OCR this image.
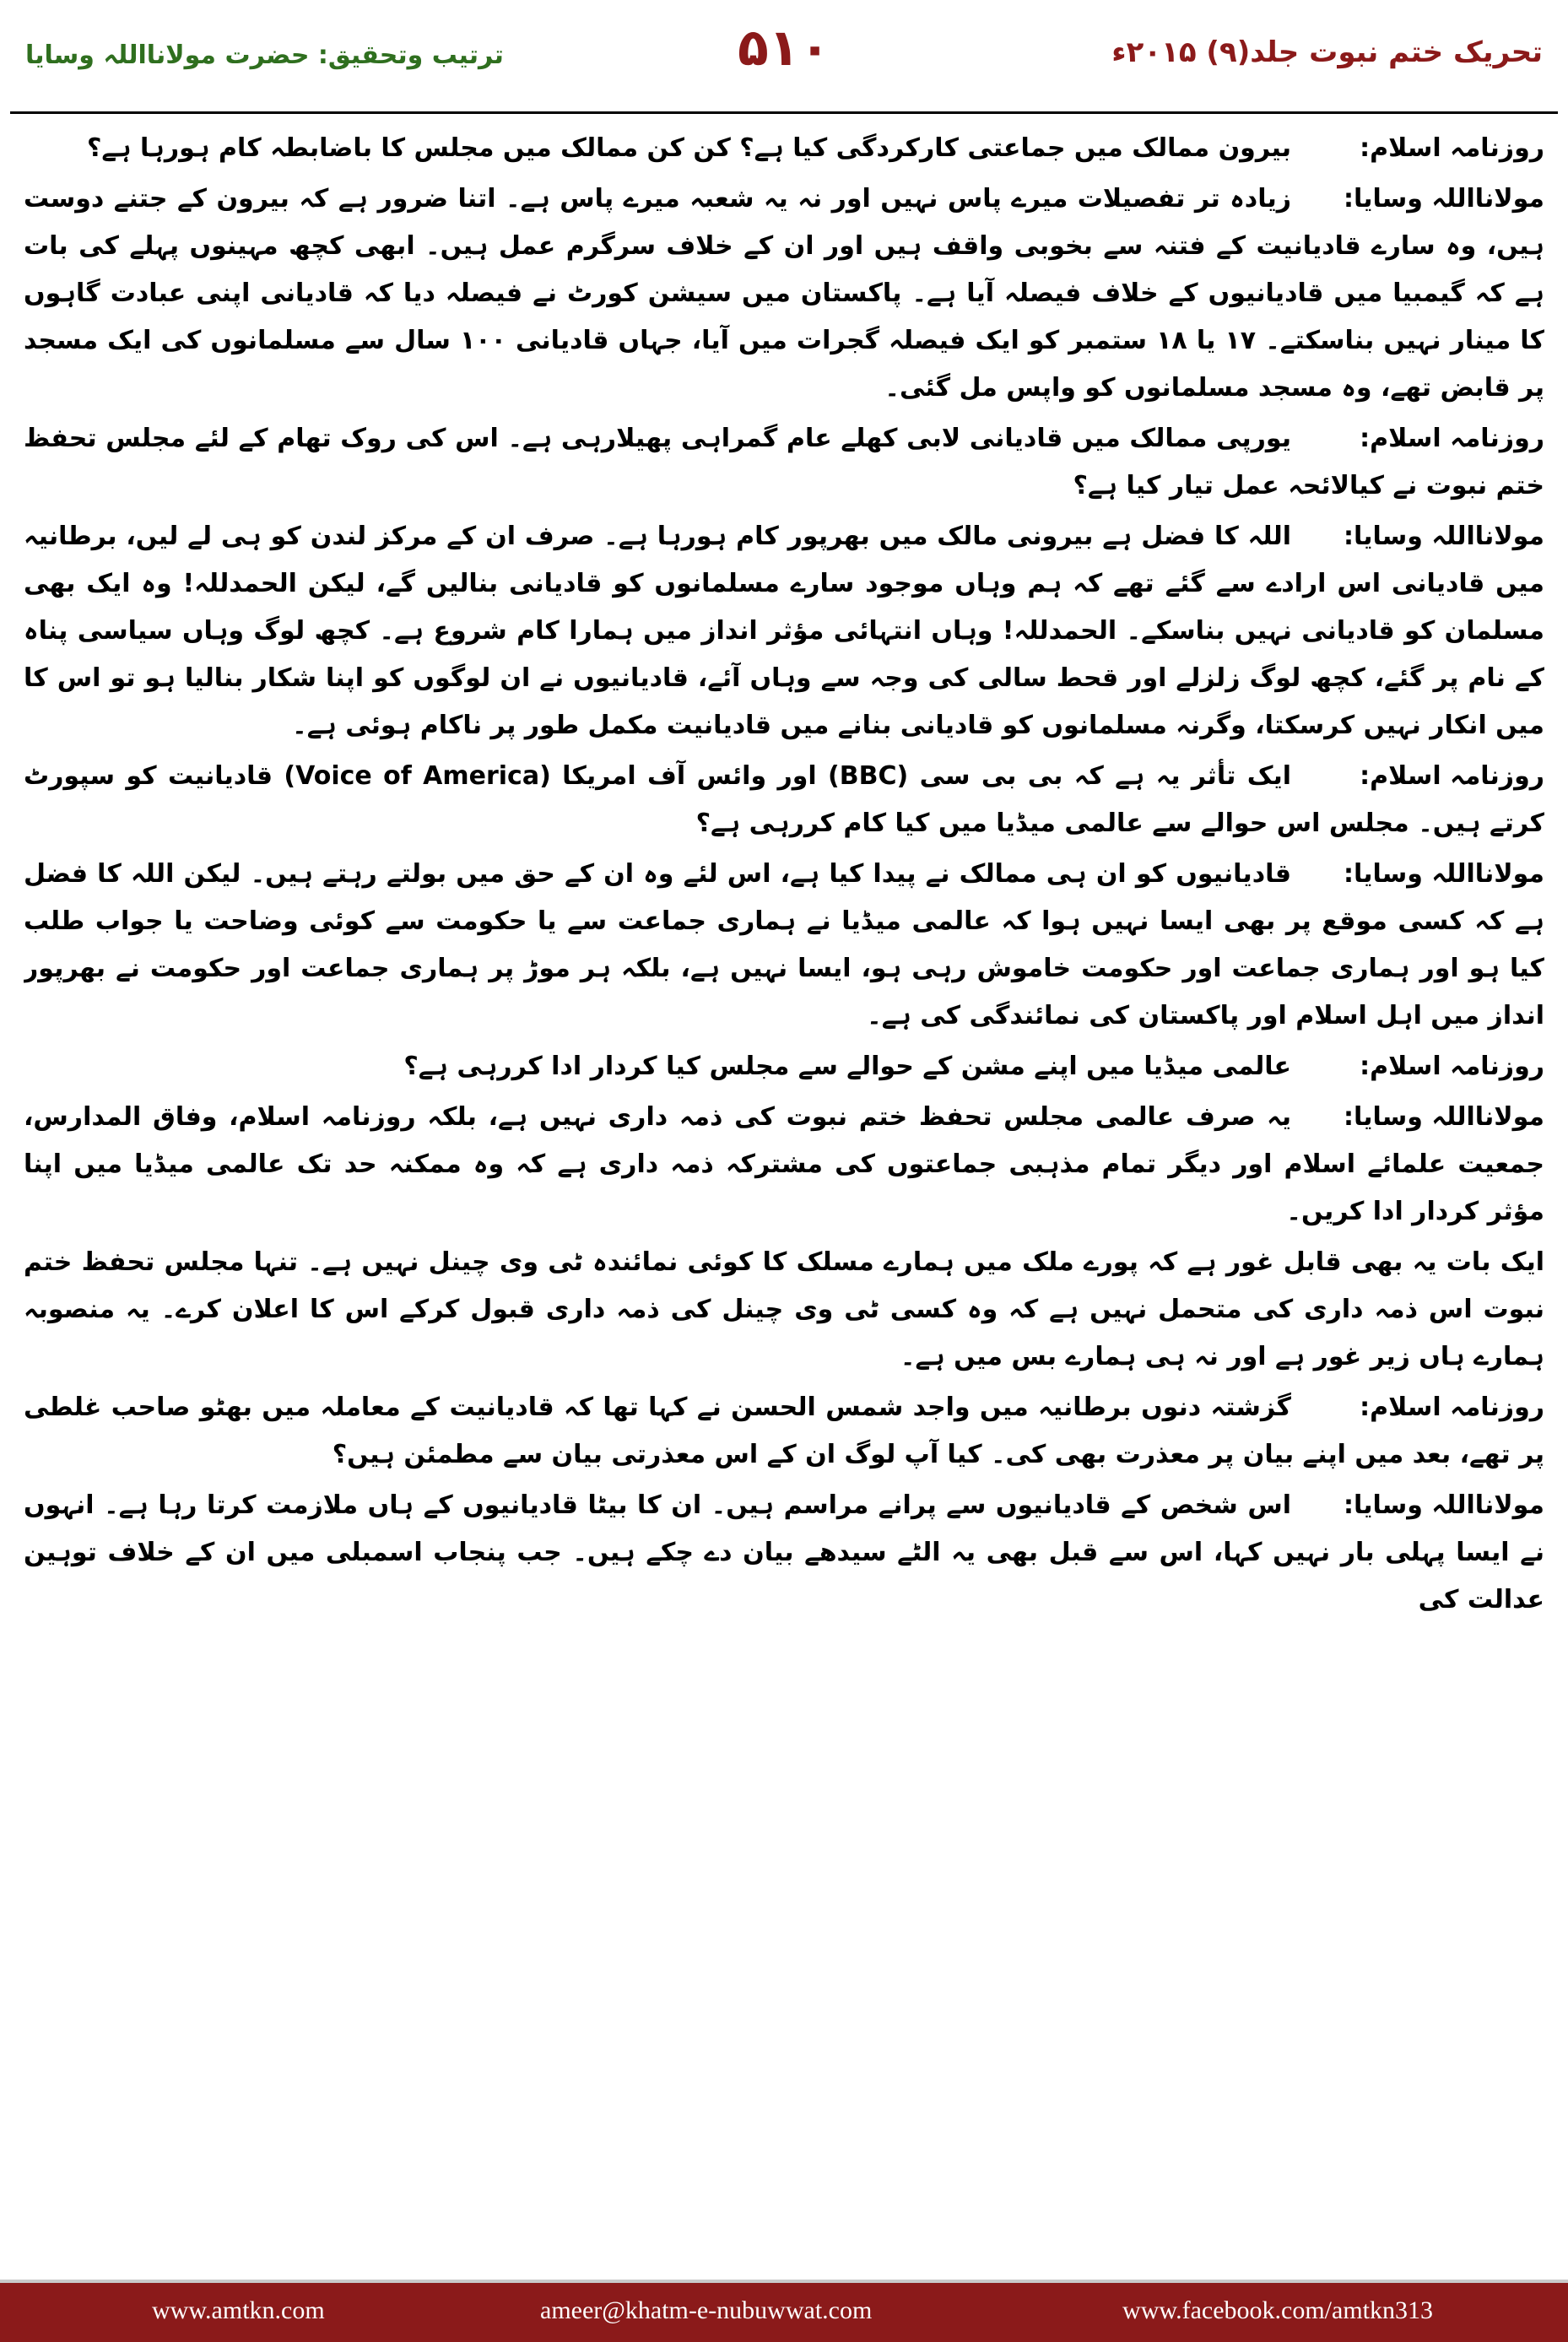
تحریک ختم نبوت جلد(۹) ۲۰۱۵ء
۵۱۰
ترتیب وتحقیق: حضرت مولانااللہ وسایا

روزنامہ اسلام:بیرون ممالک میں جماعتی کارکردگی کیا ہے؟ کن کن ممالک میں مجلس کا باضابطہ کام ہورہا ہے؟

مولانااللہ وسایا:زیادہ تر تفصیلات میرے پاس نہیں اور نہ یہ شعبہ میرے پاس ہے۔ اتنا ضرور ہے کہ بیرون کے جتنے دوست ہیں، وہ سارے قادیانیت کے فتنہ سے بخوبی واقف ہیں اور ان کے خلاف سرگرم عمل ہیں۔ ابھی کچھ مہینوں پہلے کی بات ہے کہ گیمبیا میں قادیانیوں کے خلاف فیصلہ آیا ہے۔ پاکستان میں سیشن کورٹ نے فیصلہ دیا کہ قادیانی اپنی عبادت گاہوں کا مینار نہیں بناسکتے۔ ۱۷ یا ۱۸ ستمبر کو ایک فیصلہ گجرات میں آیا، جہاں قادیانی ۱۰۰ سال سے مسلمانوں کی ایک مسجد پر قابض تھے، وہ مسجد مسلمانوں کو واپس مل گئی۔

روزنامہ اسلام:یورپی ممالک میں قادیانی لابی کھلے عام گمراہی پھیلارہی ہے۔ اس کی روک تھام کے لئے مجلس تحفظ ختم نبوت نے کیالائحہ عمل تیار کیا ہے؟

مولانااللہ وسایا:اللہ کا فضل ہے بیرونی مالک میں بھرپور کام ہورہا ہے۔ صرف ان کے مرکز لندن کو ہی لے لیں، برطانیہ میں قادیانی اس ارادے سے گئے تھے کہ ہم وہاں موجود سارے مسلمانوں کو قادیانی بنالیں گے، لیکن الحمدللہ! وہ ایک بھی مسلمان کو قادیانی نہیں بناسکے۔ الحمدللہ! وہاں انتہائی مؤثر انداز میں ہمارا کام شروع ہے۔ کچھ لوگ وہاں سیاسی پناہ کے نام پر گئے، کچھ لوگ زلزلے اور قحط سالی کی وجہ سے وہاں آئے، قادیانیوں نے ان لوگوں کو اپنا شکار بنالیا ہو تو اس کا میں انکار نہیں کرسکتا، وگرنہ مسلمانوں کو قادیانی بنانے میں قادیانیت مکمل طور پر ناکام ہوئی ہے۔

روزنامہ اسلام:ایک تأثر یہ ہے کہ بی بی سی (BBC) اور وائس آف امریکا (Voice of America) قادیانیت کو سپورٹ کرتے ہیں۔ مجلس اس حوالے سے عالمی میڈیا میں کیا کام کررہی ہے؟

مولانااللہ وسایا:قادیانیوں کو ان ہی ممالک نے پیدا کیا ہے، اس لئے وہ ان کے حق میں بولتے رہتے ہیں۔ لیکن اللہ کا فضل ہے کہ کسی موقع پر بھی ایسا نہیں ہوا کہ عالمی میڈیا نے ہماری جماعت سے یا حکومت سے کوئی وضاحت یا جواب طلب کیا ہو اور ہماری جماعت اور حکومت خاموش رہی ہو، ایسا نہیں ہے، بلکہ ہر موڑ پر ہماری جماعت اور حکومت نے بھرپور انداز میں اہل اسلام اور پاکستان کی نمائندگی کی ہے۔

روزنامہ اسلام:عالمی میڈیا میں اپنے مشن کے حوالے سے مجلس کیا کردار ادا کررہی ہے؟

مولانااللہ وسایا:یہ صرف عالمی مجلس تحفظ ختم نبوت کی ذمہ داری نہیں ہے، بلکہ روزنامہ اسلام، وفاق المدارس، جمعیت علمائے اسلام اور دیگر تمام مذہبی جماعتوں کی مشترکہ ذمہ داری ہے کہ وہ ممکنہ حد تک عالمی میڈیا میں اپنا مؤثر کردار ادا کریں۔

ایک بات یہ بھی قابل غور ہے کہ پورے ملک میں ہمارے مسلک کا کوئی نمائندہ ٹی وی چینل نہیں ہے۔ تنہا مجلس تحفظ ختم نبوت اس ذمہ داری کی متحمل نہیں ہے کہ وہ کسی ٹی وی چینل کی ذمہ داری قبول کرکے اس کا اعلان کرے۔ یہ منصوبہ ہمارے ہاں زیر غور ہے اور نہ ہی ہمارے بس میں ہے۔

روزنامہ اسلام:گزشتہ دنوں برطانیہ میں واجد شمس الحسن نے کہا تھا کہ قادیانیت کے معاملہ میں بھٹو صاحب غلطی پر تھے، بعد میں اپنے بیان پر معذرت بھی کی۔ کیا آپ لوگ ان کے اس معذرتی بیان سے مطمئن ہیں؟

مولانااللہ وسایا:اس شخص کے قادیانیوں سے پرانے مراسم ہیں۔ ان کا بیٹا قادیانیوں کے ہاں ملازمت کرتا رہا ہے۔ انہوں نے ایسا پہلی بار نہیں کہا، اس سے قبل بھی یہ الٹے سیدھے بیان دے چکے ہیں۔ جب پنجاب اسمبلی میں ان کے خلاف توہین عدالت کی

www.amtkn.com	ameer@khatm-e-nubuwwat.com	www.facebook.com/amtkn313
